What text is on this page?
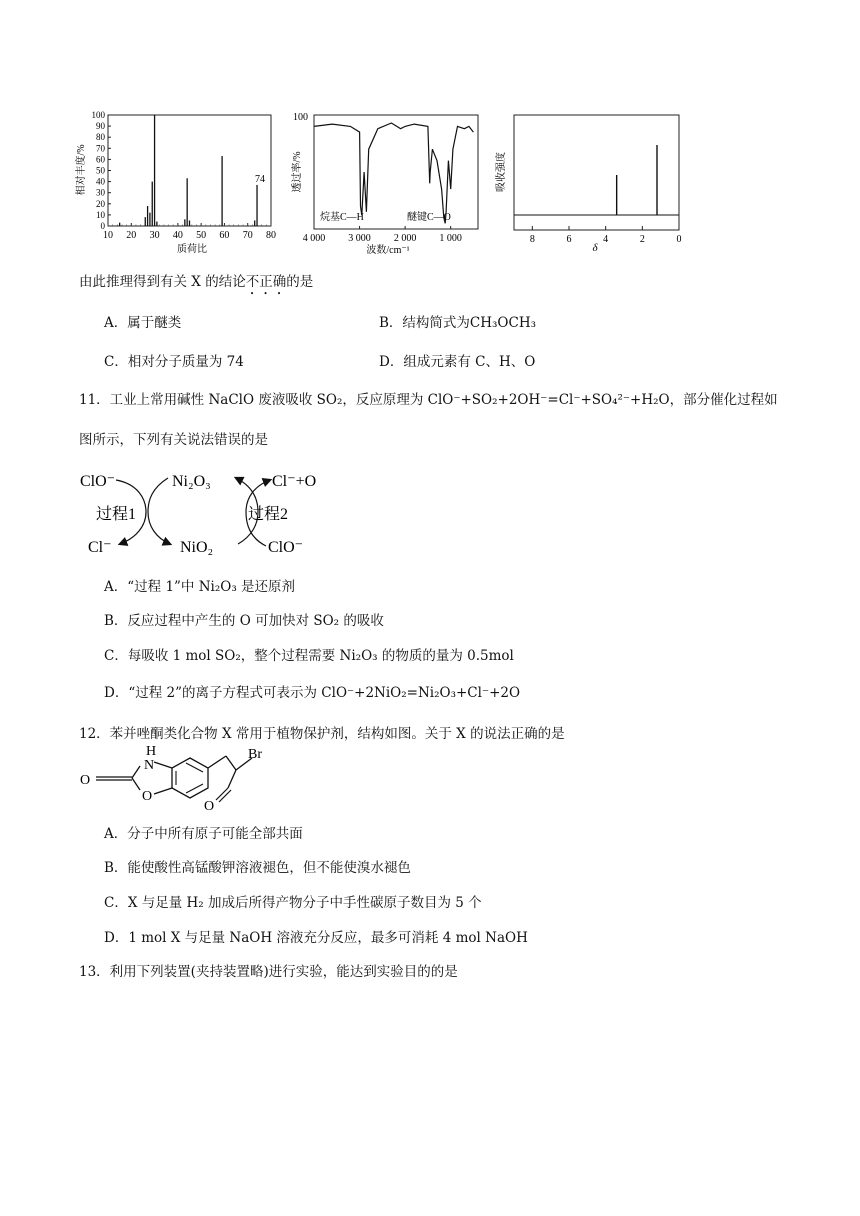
0
10
20
30
40
50
60
70
80
90
100
10 20 30 40 50 60 70 80
74
质荷比
相对丰度/%
100
4 000 3 000 2 000 1 000
烷基C—H	醚键C—O
波数/cm⁻¹
透过率/%
8	6	4	2	0
δ
吸收强度
由此推理得到有关 X 的结论不正确的是
A．属于醚类	B．结构简式为CH₃OCH₃
C．相对分子质量为 74	D．组成元素有 C、H、O
11．工业上常用碱性 NaClO 废液吸收 SO₂，反应原理为 ClO⁻+SO₂+2OH⁻=Cl⁻+SO₄²⁻+H₂O，部分催化过程如
图所示，下列有关说法错误的是
ClO⁻
Cl⁻
Ni₂O₃
NiO₂
Cl⁻+O
ClO⁻
过程1	过程2
A．“过程 1”中 Ni₂O₃ 是还原剂
B．反应过程中产生的 O 可加快对 SO₂ 的吸收
C．每吸收 1 mol SO₂，整个过程需要 Ni₂O₃ 的物质的量为 0.5mol
D．“过程 2”的离子方程式可表示为 ClO⁻+2NiO₂=Ni₂O₃+Cl⁻+2O
12．苯并唑酮类化合物 X 常用于植物保护剂，结构如图。关于 X 的说法正确的是
H
N
O
O
Br
O
A．分子中所有原子可能全部共面
B．能使酸性高锰酸钾溶液褪色，但不能使溴水褪色
C．X 与足量 H₂ 加成后所得产物分子中手性碳原子数目为 5 个
D．1 mol X 与足量 NaOH 溶液充分反应，最多可消耗 4 mol NaOH
13．利用下列装置(夹持装置略)进行实验，能达到实验目的的是
